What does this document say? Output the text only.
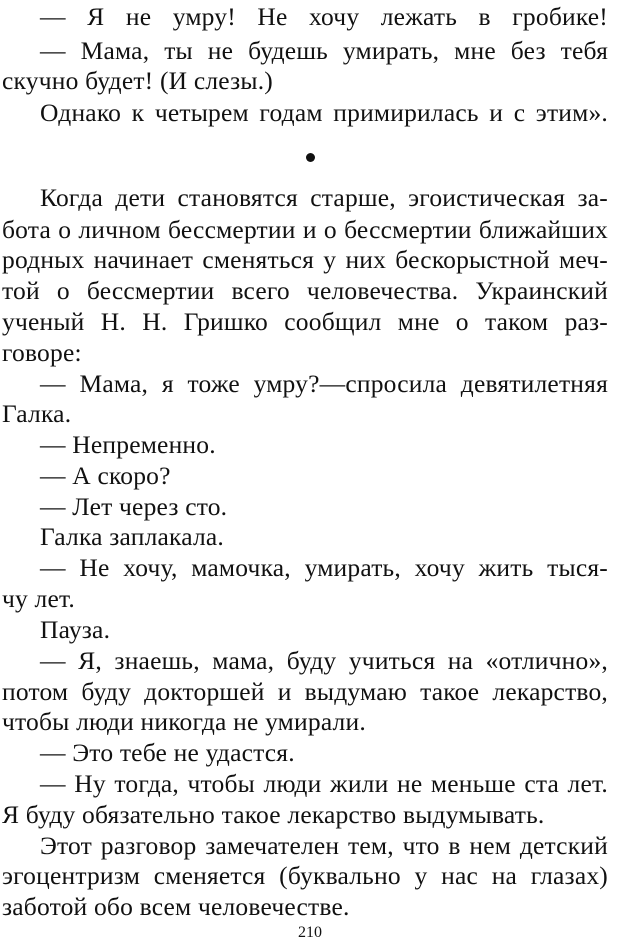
— Я не умру! Не хочу лежать в гробике!
— Мама, ты не будешь умирать, мне без тебя
скучно будет! (И слезы.)
Однако к четырем годам примирилась и с этим».
Когда дети становятся старше, эгоистическая за-
бота о личном бессмертии и о бессмертии ближайших
родных начинает сменяться у них бескорыстной меч-
той о бессмертии всего человечества. Украинский
ученый Н. Н. Гришко сообщил мне о таком раз-
говоре:
— Мама, я тоже умру?—спросила девятилетняя
Галка.
— Непременно.
— А скоро?
— Лет через сто.
Галка заплакала.
— Не хочу, мамочка, умирать, хочу жить тыся-
чу лет.
Пауза.
— Я, знаешь, мама, буду учиться на «отлично»,
потом буду докторшей и выдумаю такое лекарство,
чтобы люди никогда не умирали.
— Это тебе не удастся.
— Ну тогда, чтобы люди жили не меньше ста лет.
Я буду обязательно такое лекарство выдумывать.
Этот разговор замечателен тем, что в нем детский
эгоцентризм сменяется (буквально у нас на глазах)
заботой обо всем человечестве.
210
